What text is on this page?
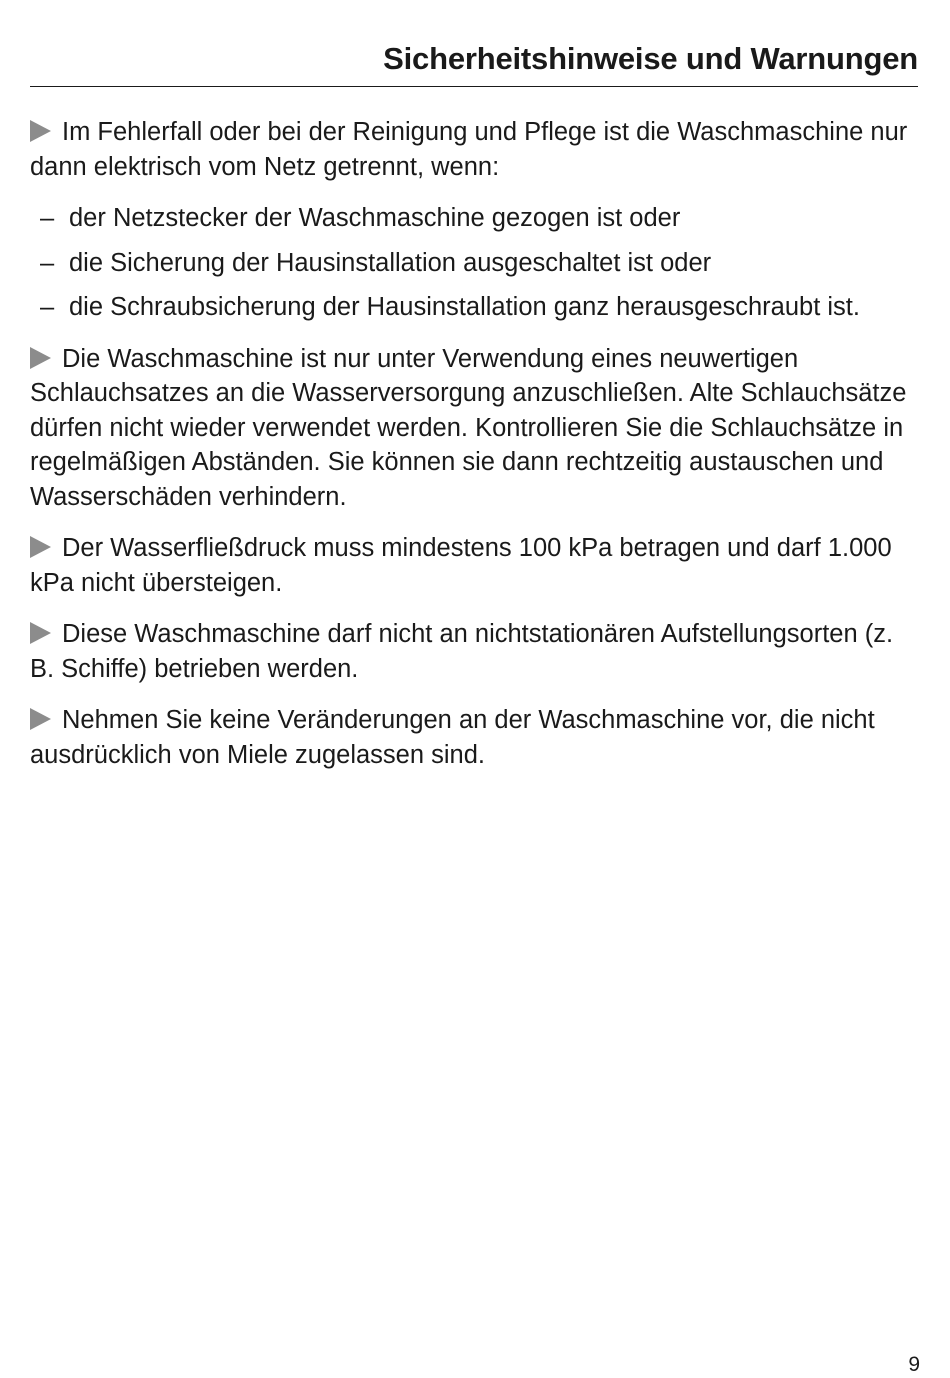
Sicherheitshinweise und Warnungen

Im Fehlerfall oder bei der Reinigung und Pflege ist die Waschmaschine nur dann elektrisch vom Netz getrennt, wenn:

– der Netzstecker der Waschmaschine gezogen ist oder
– die Sicherung der Hausinstallation ausgeschaltet ist oder
– die Schraubsicherung der Hausinstallation ganz herausgeschraubt ist.

Die Waschmaschine ist nur unter Verwendung eines neuwertigen Schlauchsatzes an die Wasserversorgung anzuschließen. Alte Schlauchsätze dürfen nicht wieder verwendet werden. Kontrollieren Sie die Schlauchsätze in regelmäßigen Abständen. Sie können sie dann rechtzeitig austauschen und Wasserschäden verhindern.

Der Wasserfließdruck muss mindestens 100 kPa betragen und darf 1.000 kPa nicht übersteigen.

Diese Waschmaschine darf nicht an nichtstationären Aufstellungsorten (z. B. Schiffe) betrieben werden.

Nehmen Sie keine Veränderungen an der Waschmaschine vor, die nicht ausdrücklich von Miele zugelassen sind.

9
